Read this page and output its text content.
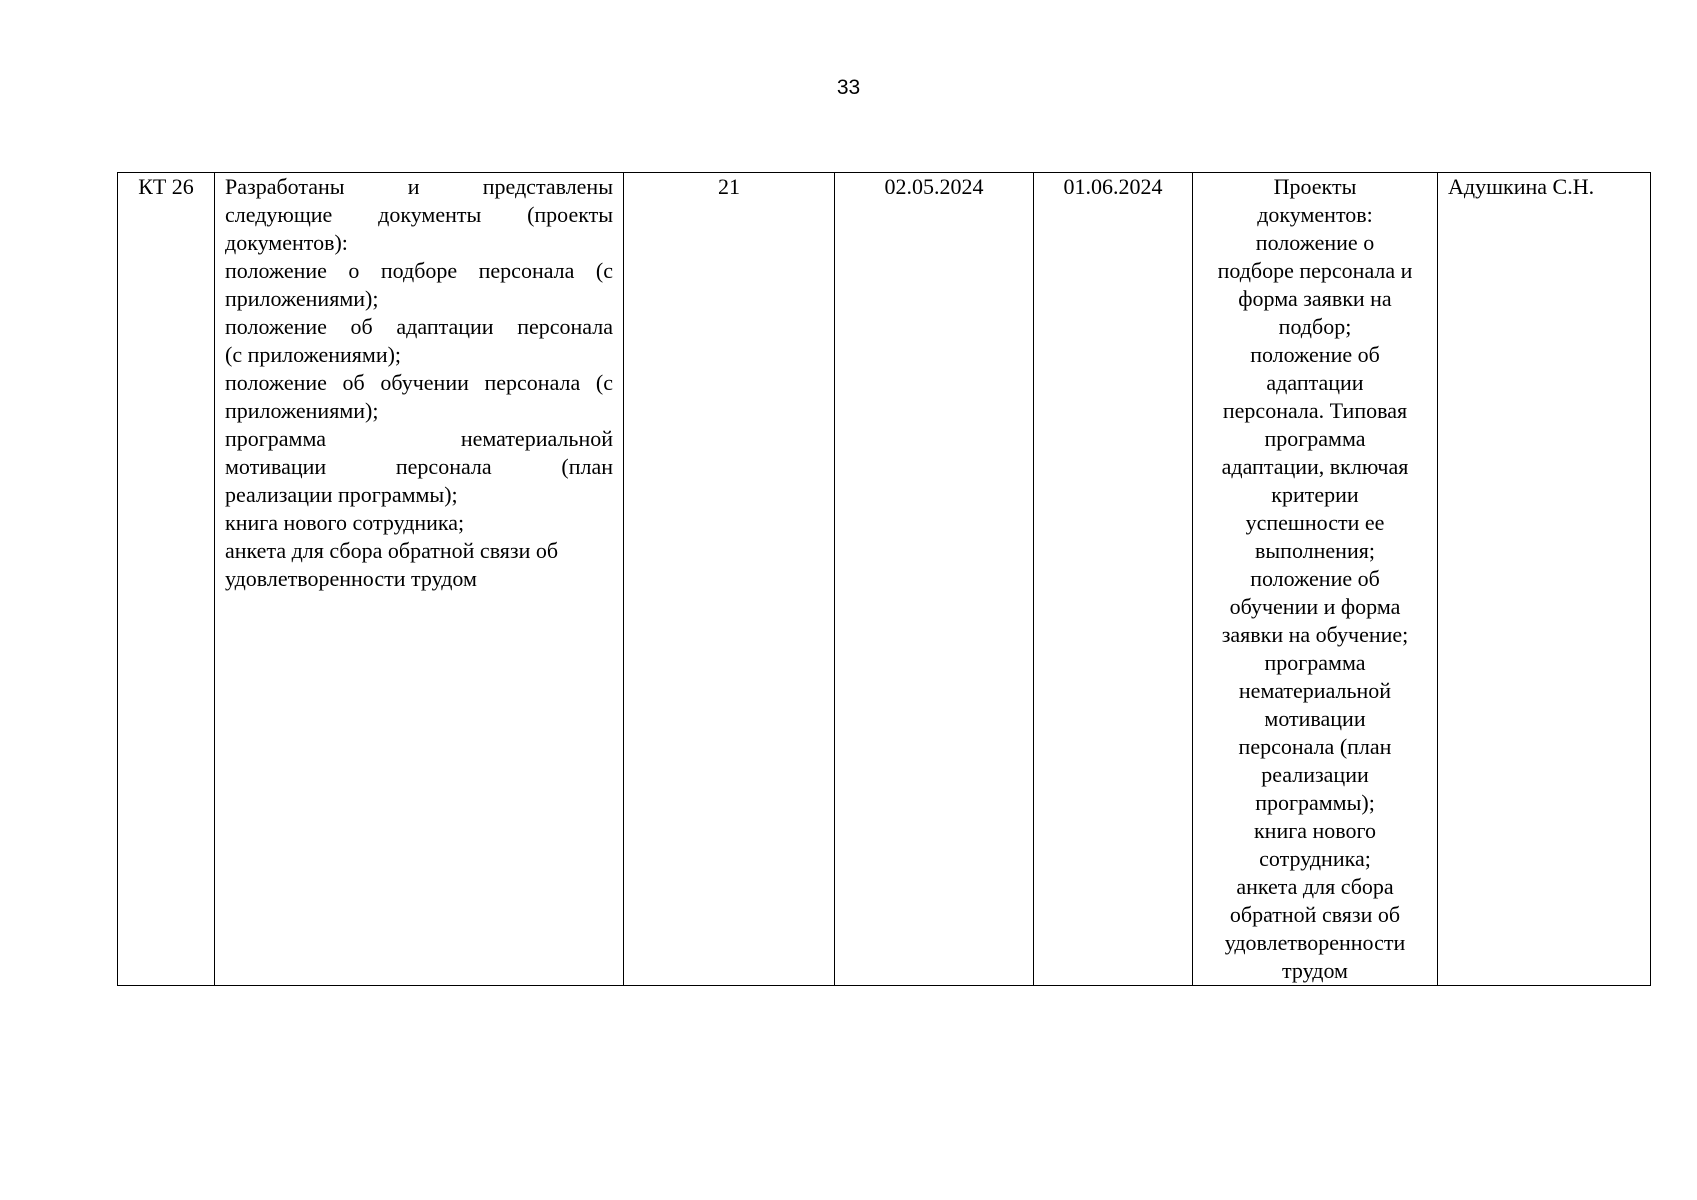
33
КТ 26	Разработаны и представлены
следующие документы (проекты
документов):
положение о подборе персонала (с
приложениями);
положение об адаптации персонала
(с приложениями);
положение об обучении персонала (с
приложениями);
программа нематериальной
мотивации персонала (план
реализации программы);
книга нового сотрудника;
анкета для сбора обратной связи об
удовлетворенности трудом
	21	02.05.2024	01.06.2024	Проекты
документов:
положение о
подборе персонала и
форма заявки на
подбор;
положение об
адаптации
персонала. Типовая
программа
адаптации, включая
критерии
успешности ее
выполнения;
положение об
обучении и форма
заявки на обучение;
программа
нематериальной
мотивации
персонала (план
реализации
программы);
книга нового
сотрудника;
анкета для сбора
обратной связи об
удовлетворенности
трудом
	Адушкина С.Н.
